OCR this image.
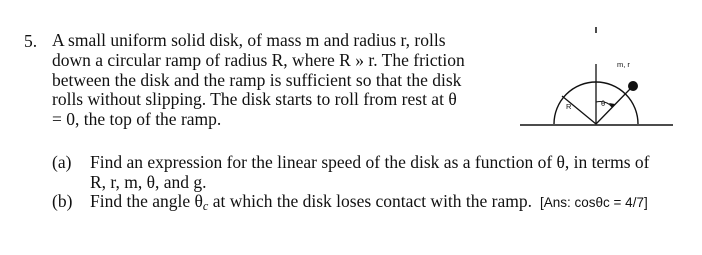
5. A small uniform solid disk, of mass m and radius r, rolls
down a circular ramp of radius R, where R » r. The friction
between the disk and the ramp is sufficient so that the disk
rolls without slipping. The disk starts to roll from rest at θ
= 0, the top of the ramp.
(a) Find an expression for the linear speed of the disk as a function of θ, in terms of
R, r, m, θ, and g.
(b) Find the angle $\theta_c$ at which the disk loses contact with the ramp. [Ans: cosθc = 4/7]
m, r
R	θ
